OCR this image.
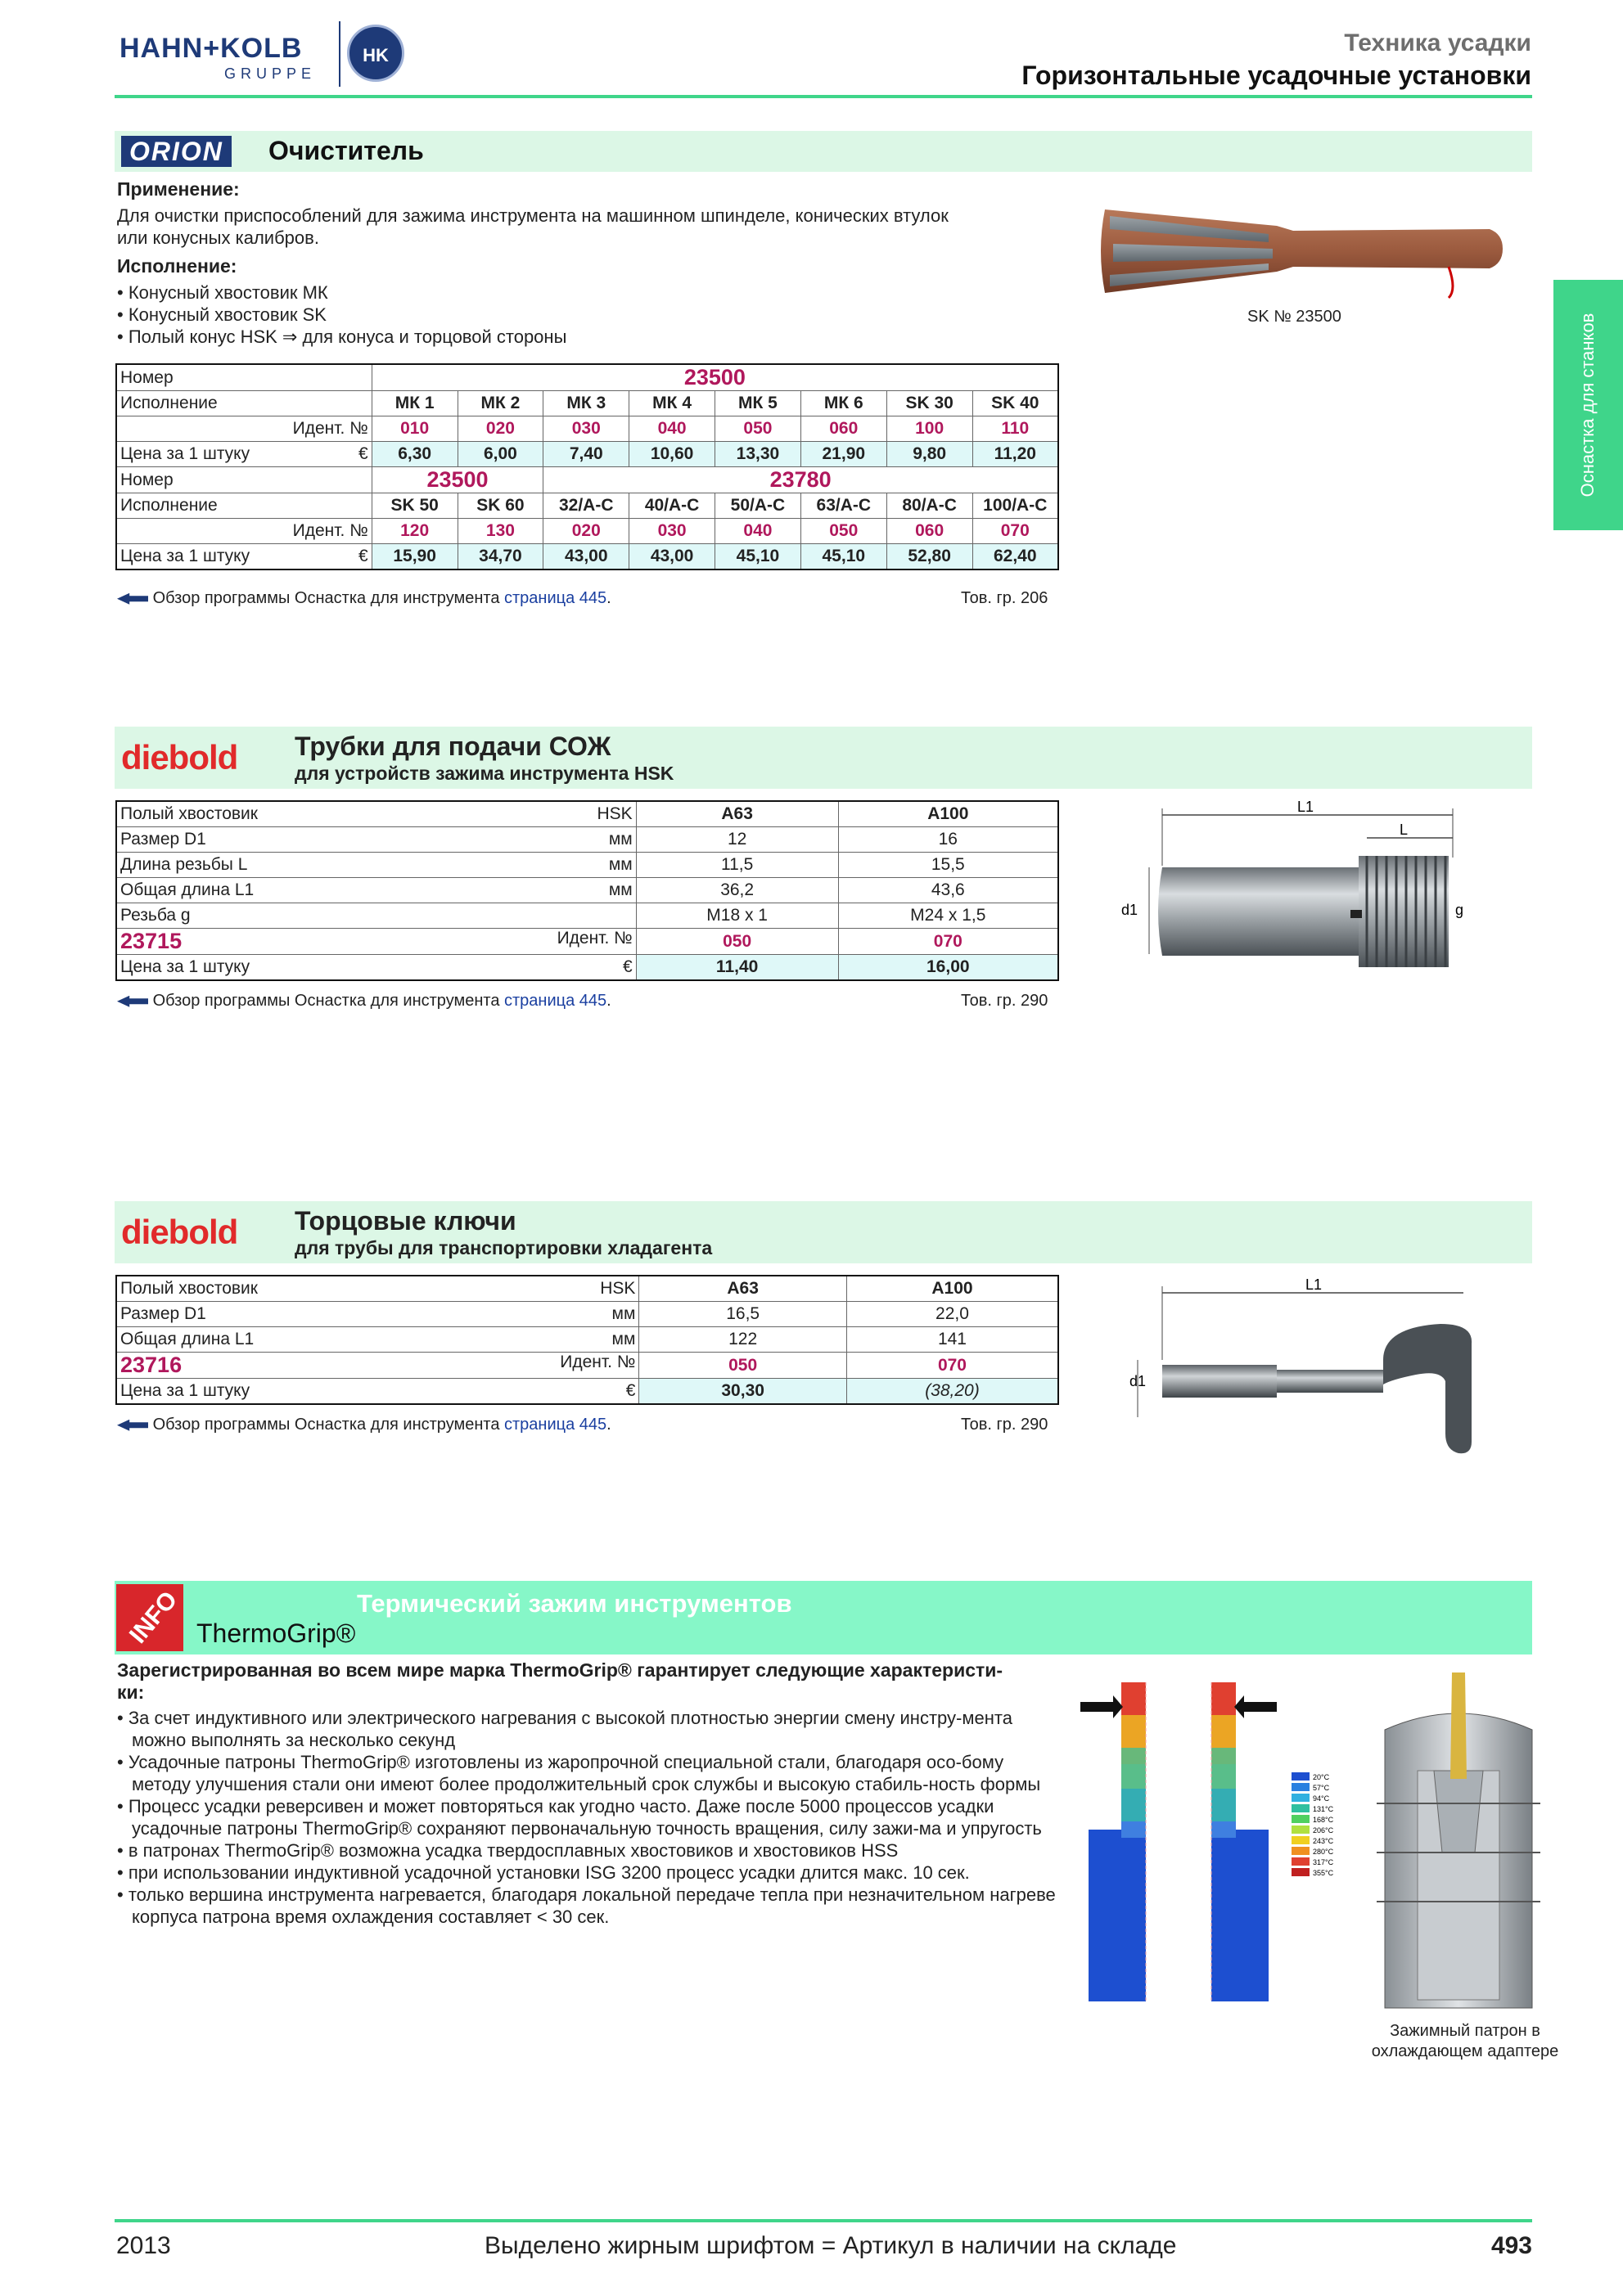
HAHN+KOLB
GRUPPE
HK	Техника усадки
Горизонтальные усадочные установки
Оснастка для станков
ORION	Очиститель
Применение:
Для очистки приспособлений для зажима инструмента на машинном шпинделе, конических втулок
или конусных калибров.
Исполнение:
• Конусный хвостовик МК
• Конусный хвостовик SK
• Полый конус HSK ⇒ для конуса и торцовой стороны
SK № 23500
Номер	23500							
Исполнение	МК 1	МК 2	МК 3	МК 4	МК 5	МК 6	SK 30	SK 40
Идент. №	010	020	030	040	050	060	100	110
Цена за 1 штуку €	6,30	6,00	7,40	10,60	13,30	21,90	9,80	11,20
Номер	23500		23780					
Исполнение	SK 50	SK 60	32/A-C	40/A-C	50/A-C	63/A-C	80/A-C	100/A-C
Идент. №	120	130	020	030	040	050	060	070
Цена за 1 штуку €	15,90	34,70	43,00	43,00	45,10	45,10	52,80	62,40
Обзор программы Оснастка для инструмента страница 445.	Тов. гр. 206
diebold Трубки для подачи СОЖ
для устройств зажима инструмента HSK
Полый хвостовик HSK	A63	A100
Размер D1 мм	12	16
Длина резьбы L мм	11,5	15,5
Общая длина L1 мм	36,2	43,6
Резьба g	M18 x 1	M24 x 1,5
23715 Идент. №	050	070
Цена за 1 штуку €	11,40	16,00
L1
L
d1	g
Обзор программы Оснастка для инструмента страница 445.	Тов. гр. 290
diebold Торцовые ключи
для трубы для транспортировки хладагента
Полый хвостовик HSK	A63	A100
Размер D1 мм	16,5	22,0
Общая длина L1 мм	122	141
23716 Идент. №	050	070
Цена за 1 штуку €	30,30	(38,20)
L1
d1
Обзор программы Оснастка для инструмента страница 445.	Тов. гр. 290
INFO ThermoGrip®
Термический зажим инструментов
Зарегистрированная во всем мире марка ThermoGrip® гарантирует следующие характеристи-
ки:
• За счет индуктивного или электрического нагревания с высокой плотностью энергии смену инстру-мента можно выполнять за несколько секунд
• Усадочные патроны ThermoGrip® изготовлены из жаропрочной специальной стали, благодаря осо-бому методу улучшения стали они имеют более продолжительный срок службы и высокую стабиль-ность формы
• Процесс усадки реверсивен и может повторяться как угодно часто. Даже после 5000 процессов усадки усадочные патроны ThermoGrip® сохраняют первоначальную точность вращения, силу зажи-ма и упругость
• в патронах ThermoGrip® возможна усадка твердосплавных хвостовиков и хвостовиков HSS
• при использовании индуктивной усадочной установки ISG 3200 процесс усадки длится макс. 10 сек.
• только вершина инструмента нагревается, благодаря локальной передаче тепла при незначительном нагреве корпуса патрона время охлаждения составляет < 30 сек.
20°C
57°C
94°C
131°C
168°C
206°C
243°C
280°C
317°C
355°C
Зажимный патрон в
охлаждающем адаптере
2013	Выделено жирным шрифтом = Артикул в наличии на складе	493
